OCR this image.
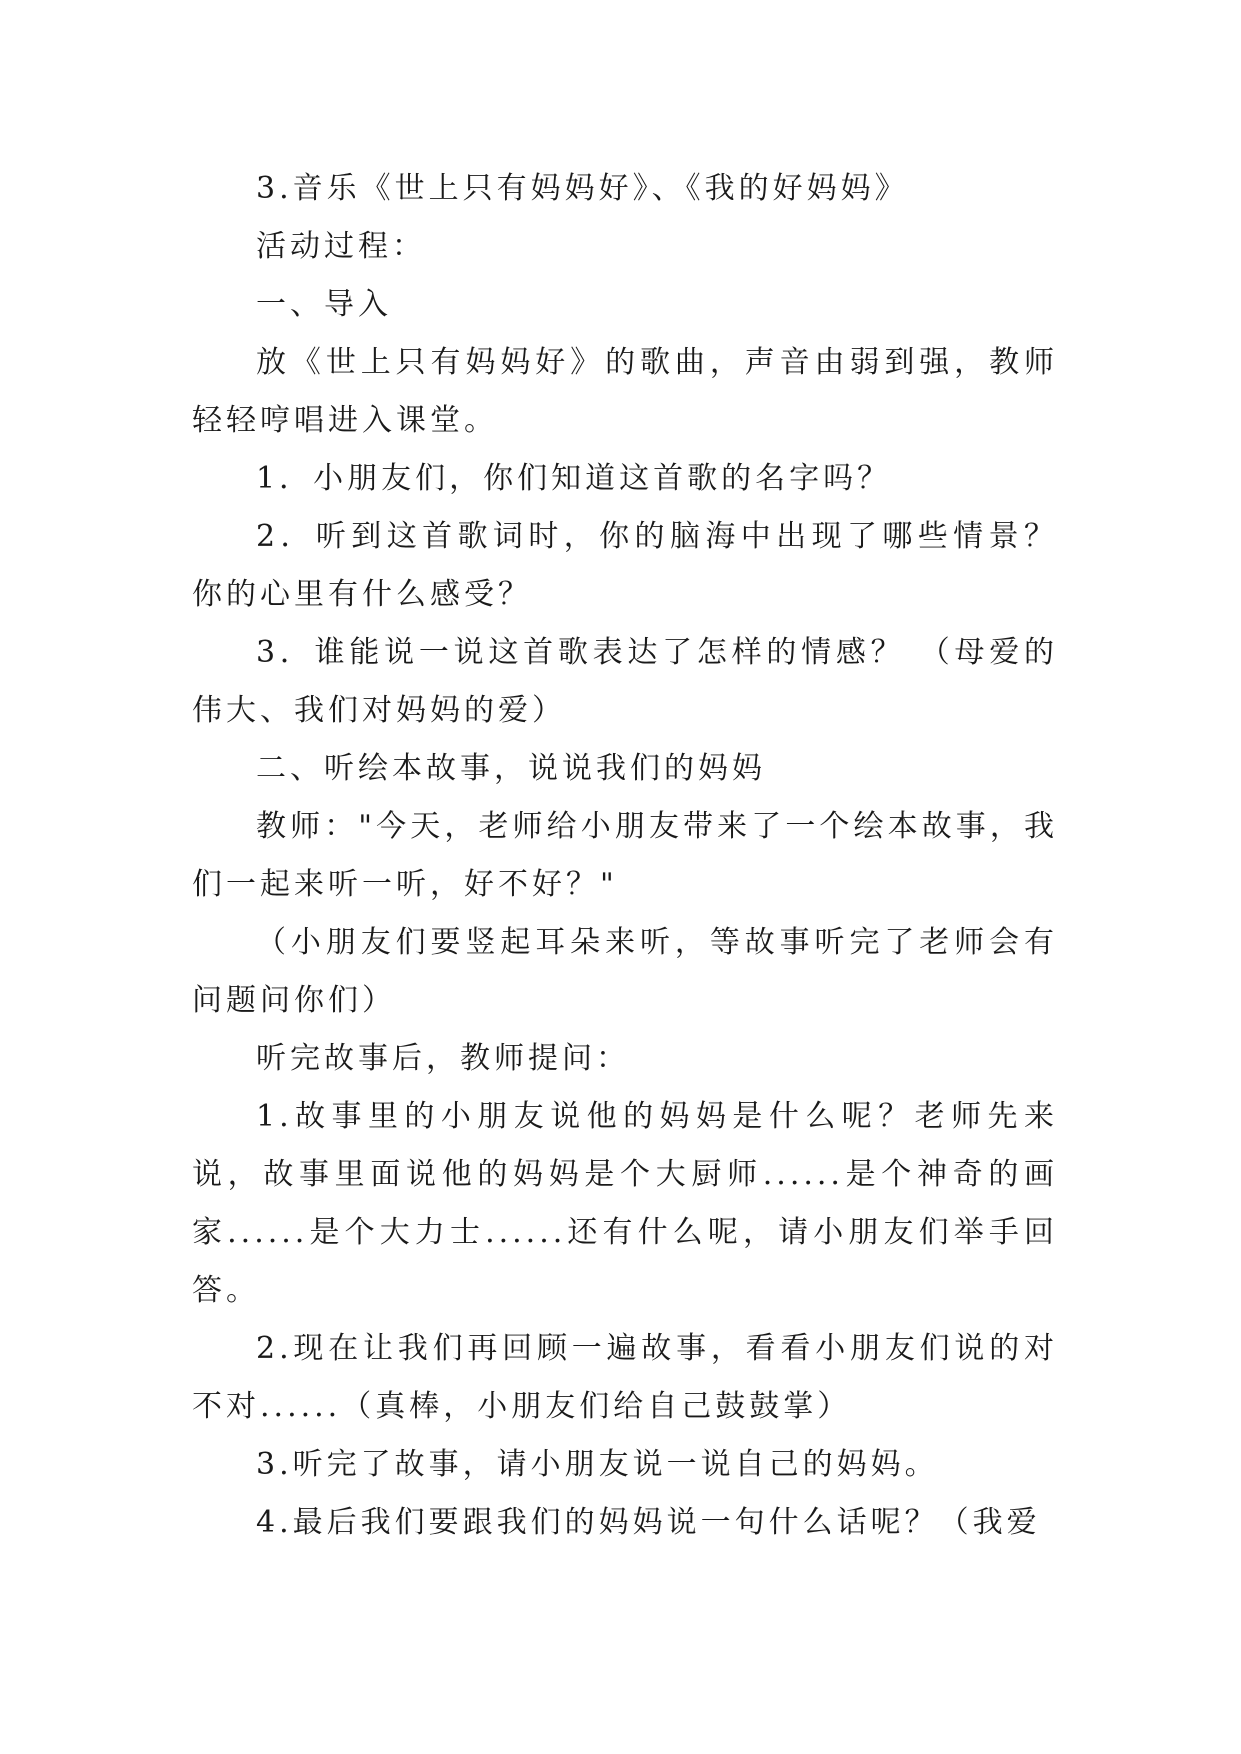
3.音乐《世上只有妈妈好》、《我的好妈妈》

活动过程：

一、导入

放《世上只有妈妈好》的歌曲，声音由弱到强，教师轻轻哼唱进入课堂。

1．小朋友们，你们知道这首歌的名字吗？

2．听到这首歌词时，你的脑海中出现了哪些情景？你的心里有什么感受？

3．谁能说一说这首歌表达了怎样的情感？ （母爱的伟大、我们对妈妈的爱）

二、听绘本故事，说说我们的妈妈

教师："今天，老师给小朋友带来了一个绘本故事，我们一起来听一听，好不好？"

（小朋友们要竖起耳朵来听，等故事听完了老师会有问题问你们）

听完故事后，教师提问：

1.故事里的小朋友说他的妈妈是什么呢？老师先来说，故事里面说他的妈妈是个大厨师......是个神奇的画家......是个大力士......还有什么呢，请小朋友们举手回答。

2.现在让我们再回顾一遍故事，看看小朋友们说的对不对......（真棒，小朋友们给自己鼓鼓掌）

3.听完了故事，请小朋友说一说自己的妈妈。

4.最后我们要跟我们的妈妈说一句什么话呢？（我爱
